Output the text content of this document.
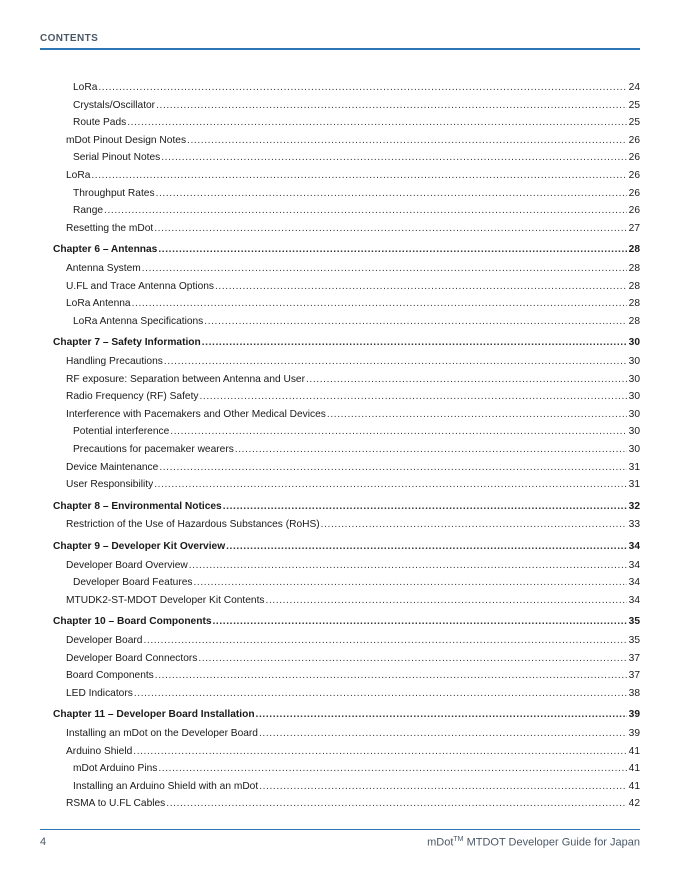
CONTENTS
LoRa .....	24
Crystals/Oscillator .....	25
Route Pads .....	25
mDot Pinout Design Notes .....	26
Serial Pinout Notes .....	26
LoRa .....	26
Throughput Rates .....	26
Range .....	26
Resetting the mDot .....	27
Chapter 6 – Antennas .....	28
Antenna System .....	28
U.FL and Trace Antenna Options .....	28
LoRa Antenna .....	28
LoRa Antenna Specifications .....	28
Chapter 7 – Safety Information .....	30
Handling Precautions .....	30
RF exposure: Separation between Antenna and User .....	30
Radio Frequency (RF) Safety .....	30
Interference with Pacemakers and Other Medical Devices .....	30
Potential interference .....	30
Precautions for pacemaker wearers .....	30
Device Maintenance .....	31
User Responsibility .....	31
Chapter 8 – Environmental Notices .....	32
Restriction of the Use of Hazardous Substances (RoHS) .....	33
Chapter 9 – Developer Kit Overview .....	34
Developer Board Overview .....	34
Developer Board Features .....	34
MTUDK2-ST-MDOT Developer Kit Contents .....	34
Chapter 10 – Board Components .....	35
Developer Board .....	35
Developer Board Connectors .....	37
Board Components .....	37
LED Indicators .....	38
Chapter 11 – Developer Board Installation .....	39
Installing an mDot on the Developer Board .....	39
Arduino Shield .....	41
mDot Arduino Pins .....	41
Installing an Arduino Shield with an mDot .....	41
RSMA to U.FL Cables .....	42
4	mDot™ MTDOT Developer Guide for Japan
